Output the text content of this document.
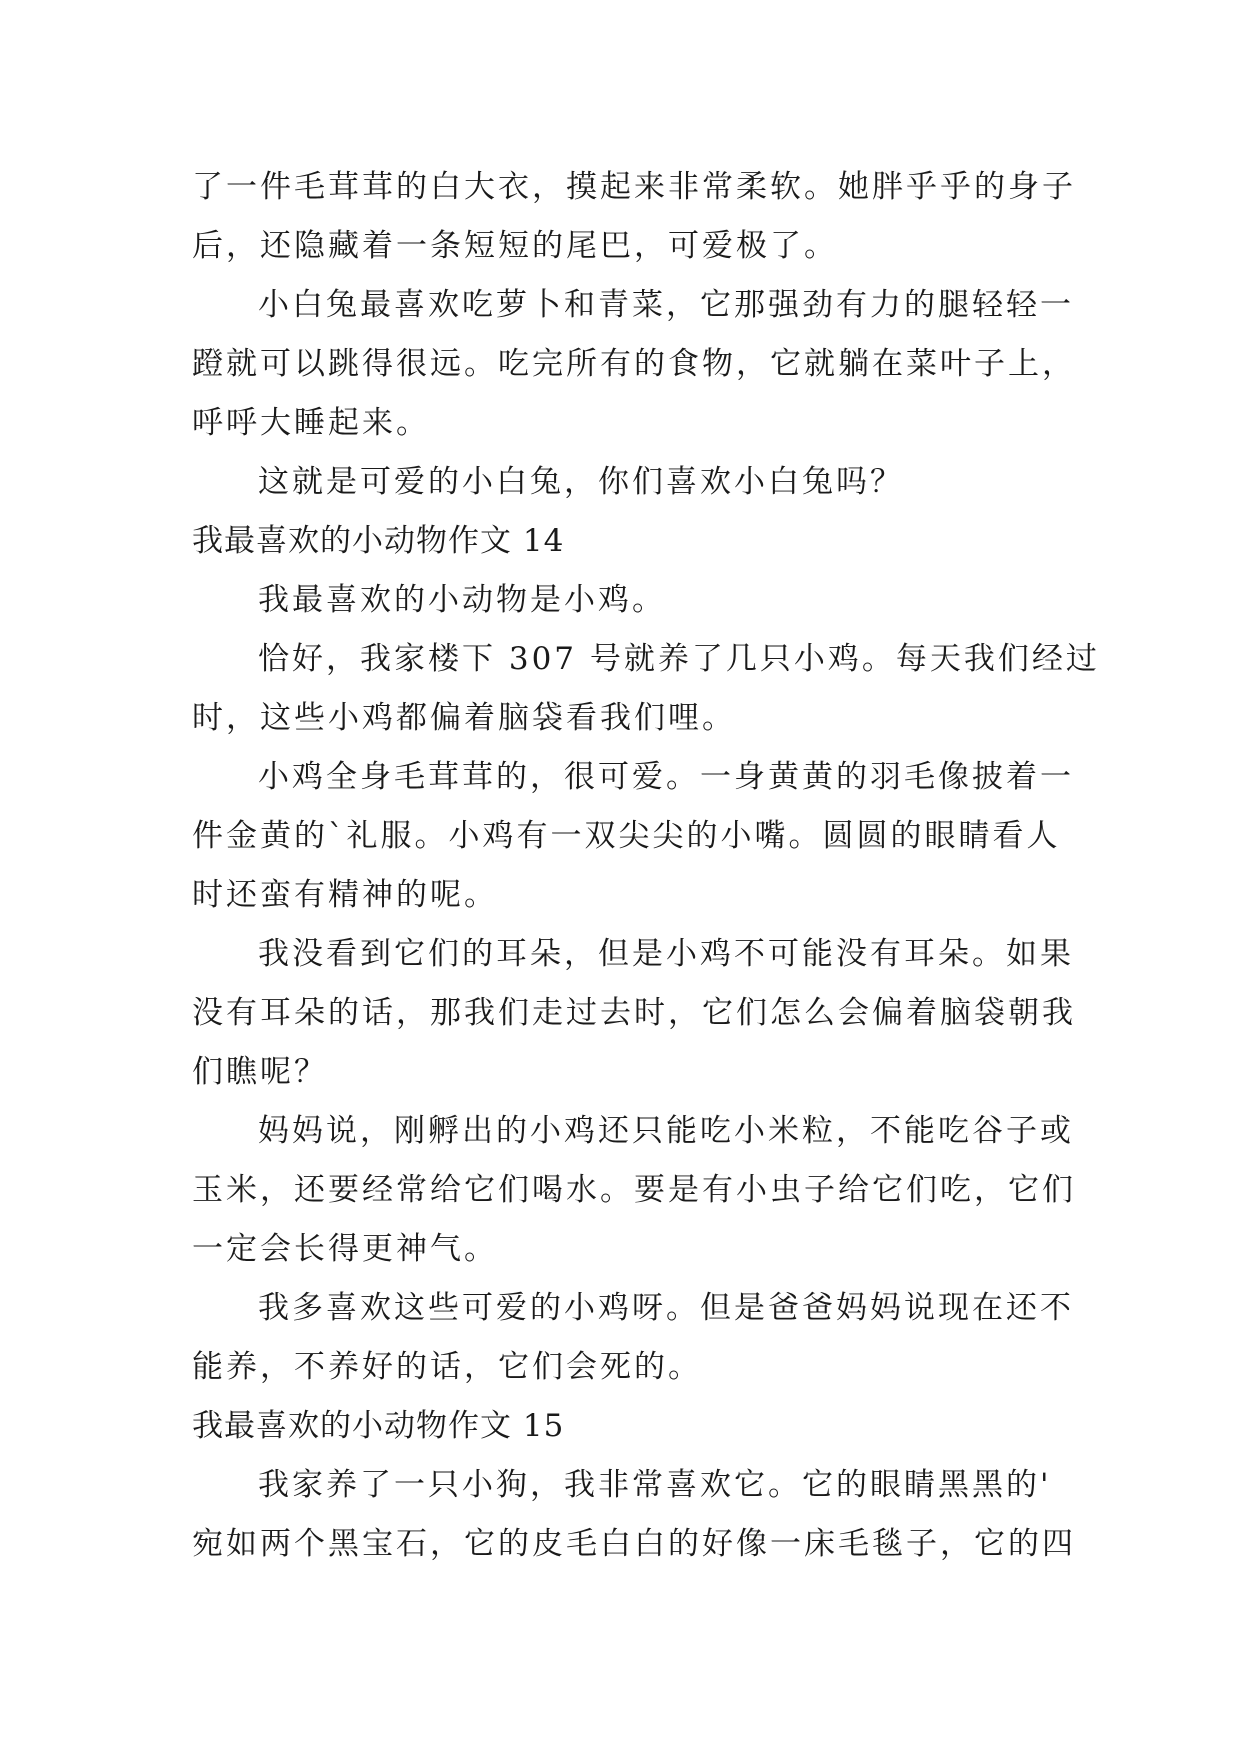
了一件毛茸茸的白大衣，摸起来非常柔软。她胖乎乎的身子
后，还隐藏着一条短短的尾巴，可爱极了。
小白兔最喜欢吃萝卜和青菜，它那强劲有力的腿轻轻一
蹬就可以跳得很远。吃完所有的食物，它就躺在菜叶子上，
呼呼大睡起来。
这就是可爱的小白兔，你们喜欢小白兔吗？
我最喜欢的小动物作文 14
我最喜欢的小动物是小鸡。
恰好，我家楼下 307 号就养了几只小鸡。每天我们经过
时，这些小鸡都偏着脑袋看我们哩。
小鸡全身毛茸茸的，很可爱。一身黄黄的羽毛像披着一
件金黄的`礼服。小鸡有一双尖尖的小嘴。圆圆的眼睛看人
时还蛮有精神的呢。
我没看到它们的耳朵，但是小鸡不可能没有耳朵。如果
没有耳朵的话，那我们走过去时，它们怎么会偏着脑袋朝我
们瞧呢？
妈妈说，刚孵出的小鸡还只能吃小米粒，不能吃谷子或
玉米，还要经常给它们喝水。要是有小虫子给它们吃，它们
一定会长得更神气。
我多喜欢这些可爱的小鸡呀。但是爸爸妈妈说现在还不
能养，不养好的话，它们会死的。
我最喜欢的小动物作文 15
我家养了一只小狗，我非常喜欢它。它的眼睛黑黑的'
宛如两个黑宝石，它的皮毛白白的好像一床毛毯子，它的四
